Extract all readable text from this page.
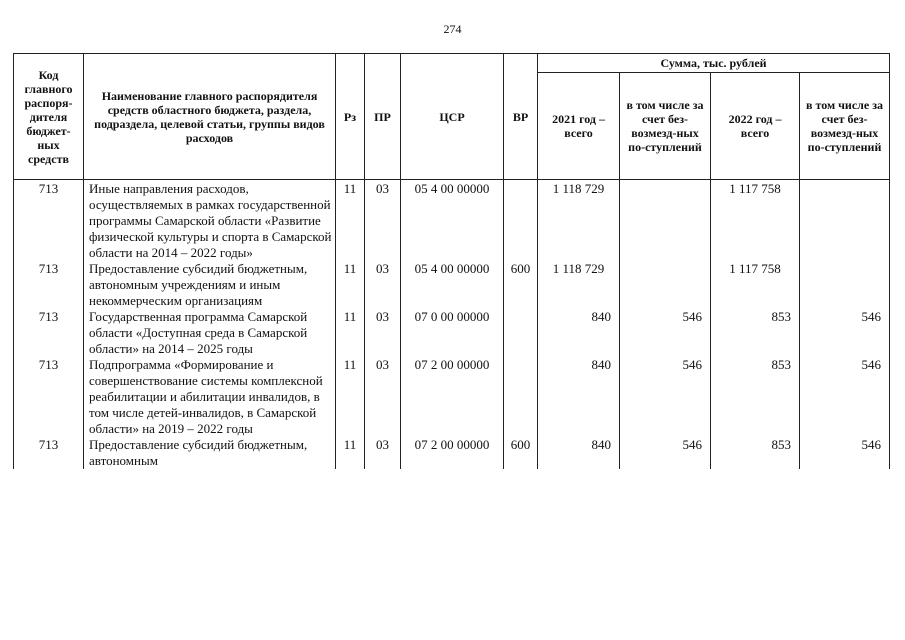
274
Код главного распоря-дителя бюджет-ных средств	Наименование главного распорядителя средств областного бюджета, раздела, подраздела, целевой статьи, группы видов расходов	Рз	ПР	ЦСР	ВР	Сумма, тыс. рублей			
						2021 год – всего	в том числе за счет без-возмезд-ных по-ступлений	2022 год – всего	в том числе за счет без-возмезд-ных по-ступлений
713	Иные направления расходов, осуществляемых в рамках государственной программы Самарской области «Развитие физической культуры и спорта в Самарской области на 2014 – 2022 годы»	11	03	05 4 00 00000		1 118 729		1 117 758	
713	Предоставление субсидий бюджетным, автономным учреждениям и иным некоммерческим организациям	11	03	05 4 00 00000	600	1 118 729		1 117 758	
713	Государственная программа Самарской области «Доступная среда в Самарской области» на 2014 – 2025 годы	11	03	07 0 00 00000		840	546	853	546
713	Подпрограмма «Формирование и совершенствование системы комплексной реабилитации и абилитации инвалидов, в том числе детей-инвалидов, в Самарской области» на 2019 – 2022 годы	11	03	07 2 00 00000		840	546	853	546
713	Предоставление субсидий бюджетным, автономным	11	03	07 2 00 00000	600	840	546	853	546
